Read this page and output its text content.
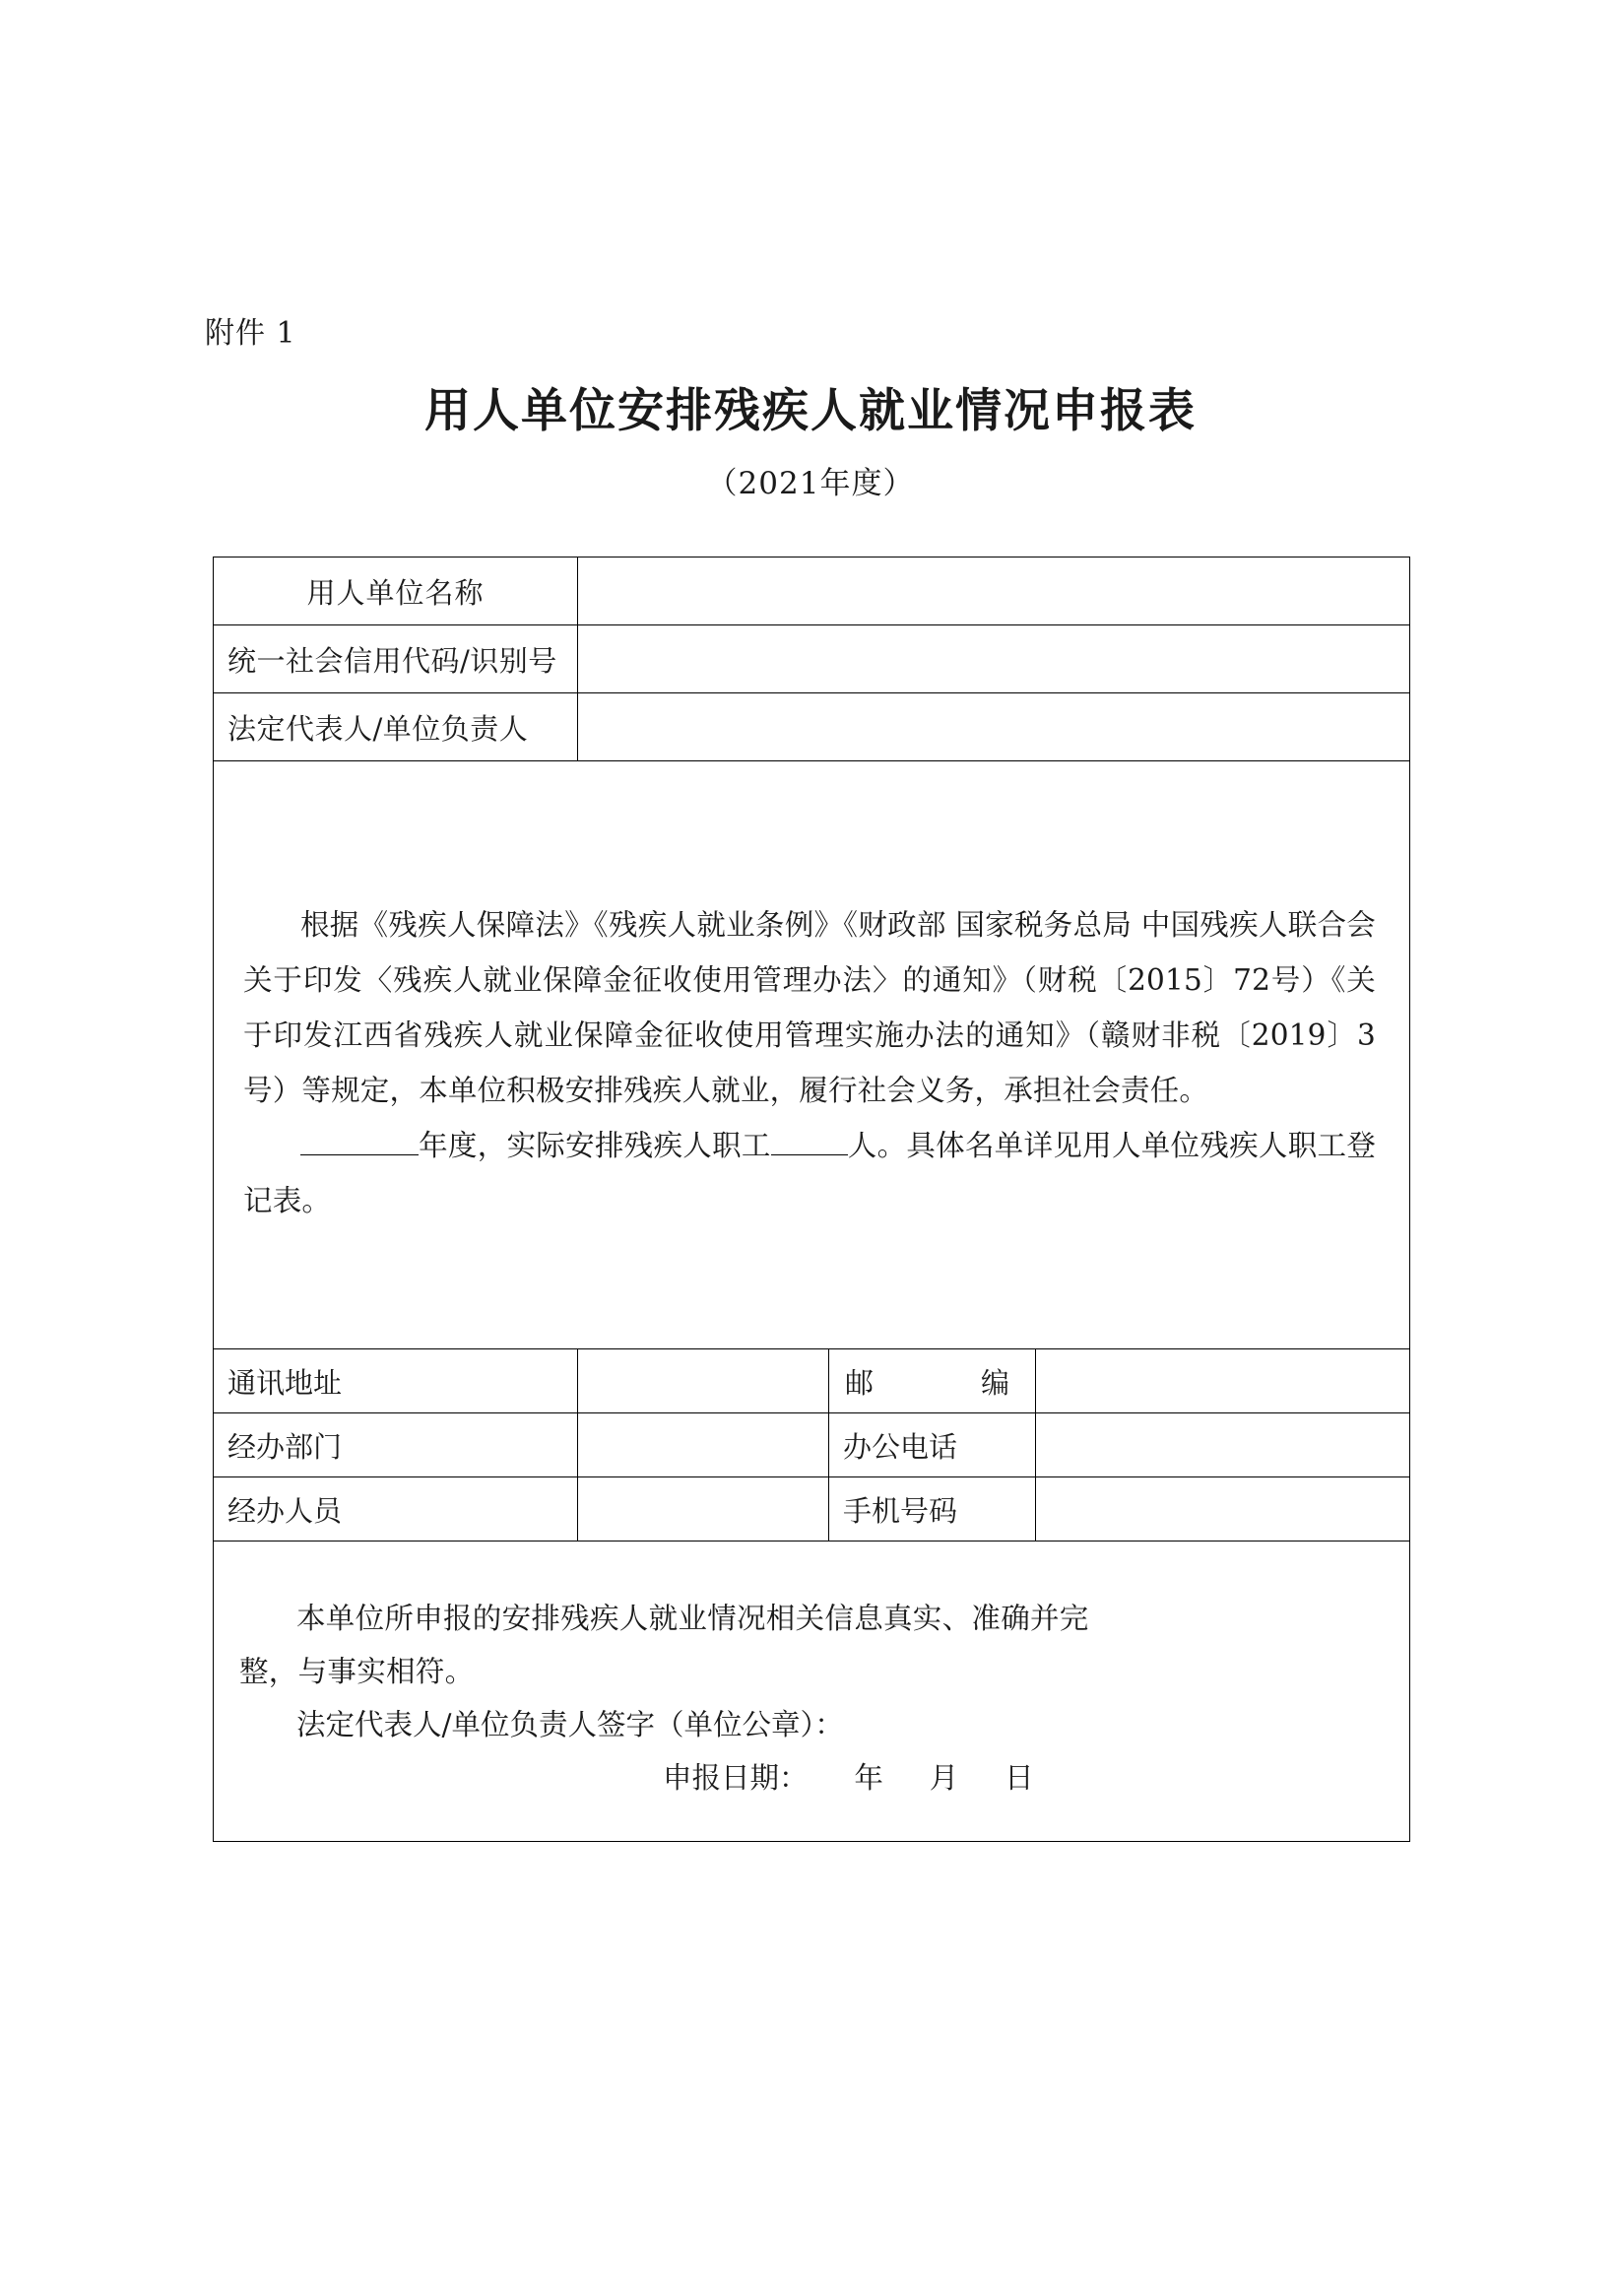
附件 1
用人单位安排残疾人就业情况申报表
（2021年度）
用人单位名称			
统一社会信用代码/识别号			
法定代表人/单位负责人			

根据《残疾人保障法》《残疾人就业条例》《财政部 国家税务总局 中国残疾人联合会关于印发〈残疾人就业保障金征收使用管理办法〉的通知》（财税〔2015〕72号）《关于印发江西省残疾人就业保障金征收使用管理实施办法的通知》（赣财非税〔2019〕3号）等规定，本单位积极安排残疾人就业，履行社会义务，承担社会责任。
年度，实际安排残疾人职工 人。具体名单详见用人单位残疾人职工登记表。			

通讯地址		邮 编	

经办部门		办公电话	
经办人员		手机号码	

本单位所申报的安排残疾人就业情况相关信息真实、准确并完
整，与事实相符。
法定代表人/单位负责人签字（单位公章）：
申报日期：     年     月     日			
